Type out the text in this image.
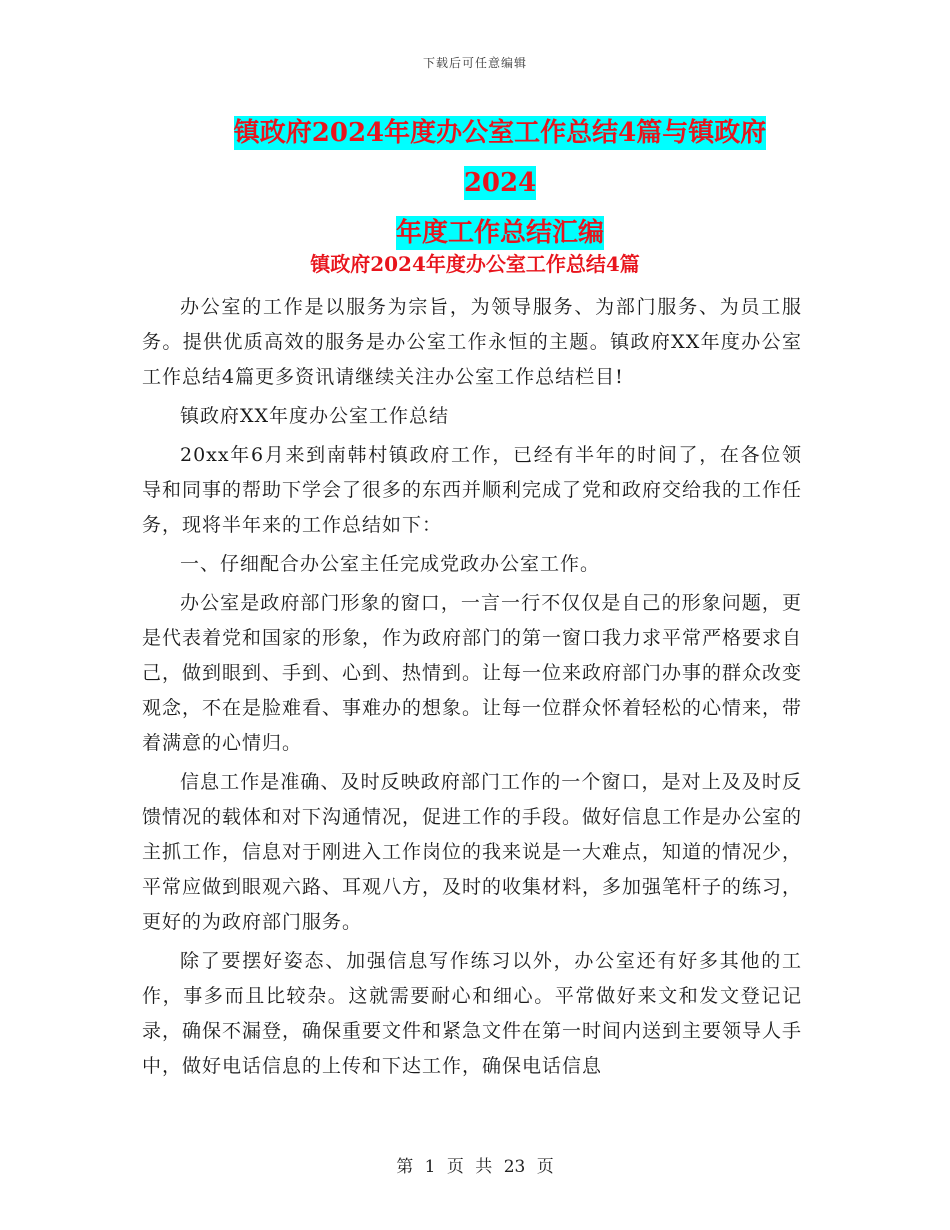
下载后可任意编辑
镇政府2024年度办公室工作总结4篇与镇政府2024
年度工作总结汇编
镇政府2024年度办公室工作总结4篇

办公室的工作是以服务为宗旨，为领导服务、为部门服务、为员工服务。提供优质高效的服务是办公室工作永恒的主题。镇政府XX年度办公室工作总结4篇更多资讯请继续关注办公室工作总结栏目!

镇政府XX年度办公室工作总结

20xx年6月来到南韩村镇政府工作，已经有半年的时间了，在各位领导和同事的帮助下学会了很多的东西并顺利完成了党和政府交给我的工作任务，现将半年来的工作总结如下：

一、仔细配合办公室主任完成党政办公室工作。

办公室是政府部门形象的窗口，一言一行不仅仅是自己的形象问题，更是代表着党和国家的形象，作为政府部门的第一窗口我力求平常严格要求自己，做到眼到、手到、心到、热情到。让每一位来政府部门办事的群众改变观念，不在是脸难看、事难办的想象。让每一位群众怀着轻松的心情来，带着满意的心情归。

信息工作是准确、及时反映政府部门工作的一个窗口，是对上及及时反馈情况的载体和对下沟通情况，促进工作的手段。做好信息工作是办公室的主抓工作，信息对于刚进入工作岗位的我来说是一大难点，知道的情况少，平常应做到眼观六路、耳观八方，及时的收集材料，多加强笔杆子的练习，更好的为政府部门服务。

除了要摆好姿态、加强信息写作练习以外，办公室还有好多其他的工作，事多而且比较杂。这就需要耐心和细心。平常做好来文和发文登记记录，确保不漏登，确保重要文件和紧急文件在第一时间内送到主要领导人手中，做好电话信息的上传和下达工作，确保电话信息

第 1 页 共 23 页
